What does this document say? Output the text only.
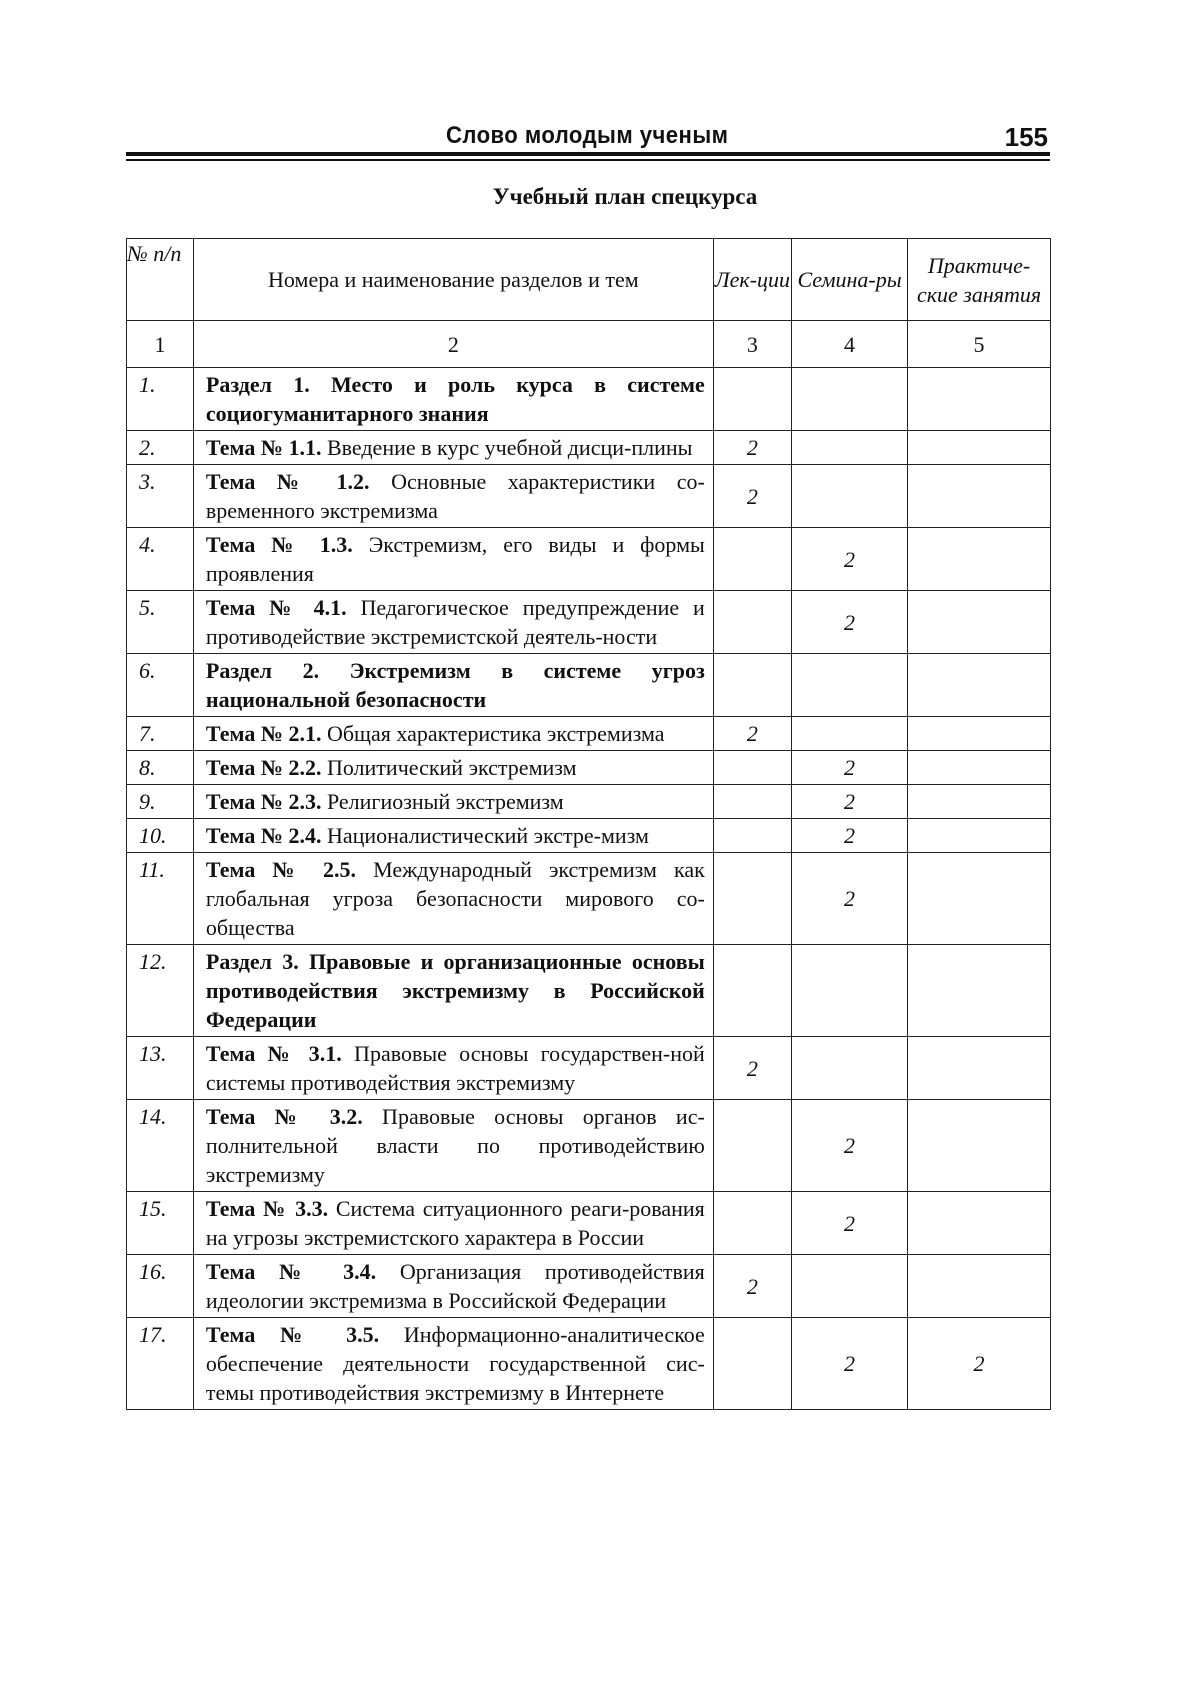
Слово молодым ученым	155
Учебный план спецкурса
№ п/п	Номера и наименование разделов и тем	Лек-ции	Семина-ры	Практиче-ские занятия
1	2	3	4	5
1.	Раздел 1. Место и роль курса в системе социогуманитарного знания			
2.	Тема № 1.1. Введение в курс учебной дисци-плины	2		
3.	Тема № 1.2. Основные характеристики со-временного экстремизма	2		
4.	Тема № 1.3. Экстремизм, его виды и формы проявления		2	
5.	Тема № 4.1. Педагогическое предупреждение и противодействие экстремистской деятель-ности		2	
6.	Раздел 2. Экстремизм в системе угроз национальной безопасности			
7.	Тема № 2.1. Общая характеристика экстремизма	2		
8.	Тема № 2.2. Политический экстремизм		2	
9.	Тема № 2.3. Религиозный экстремизм		2	
10.	Тема № 2.4. Националистический экстре-мизм		2	
11.	Тема № 2.5. Международный экстремизм как глобальная угроза безопасности мирового со-общества		2	
12.	Раздел 3. Правовые и организационные основы противодействия экстремизму в Российской Федерации			
13.	Тема № 3.1. Правовые основы государствен-ной системы противодействия экстремизму	2		
14.	Тема № 3.2. Правовые основы органов ис-полнительной власти по противодействию экстремизму		2	
15.	Тема № 3.3. Система ситуационного реаги-рования на угрозы экстремистского характера в России		2	
16.	Тема № 3.4. Организация противодействия идеологии экстремизма в Российской Федерации	2		
17.	Тема № 3.5. Информационно-аналитическое обеспечение деятельности государственной сис-темы противодействия экстремизму в Интернете		2	2
